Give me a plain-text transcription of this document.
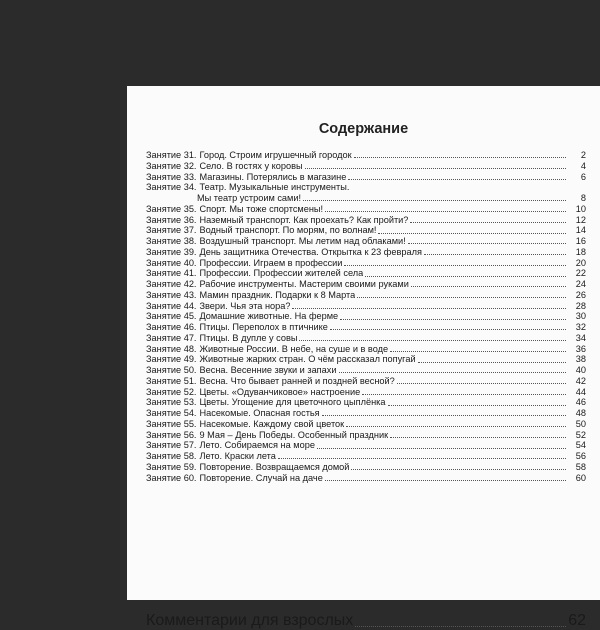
Содержание
Занятие 31. Город. Строим игрушечный городок	2
Занятие 32. Село. В гостях у коровы	4
Занятие 33. Магазины. Потерялись в магазине	6
Занятие 34. Театр. Музыкальные инструменты.
Мы театр устроим сами!	8
Занятие 35. Спорт. Мы тоже спортсмены!	10
Занятие 36. Наземный транспорт. Как проехать? Как пройти?	12
Занятие 37. Водный транспорт. По морям, по волнам!	14
Занятие 38. Воздушный транспорт. Мы летим над облаками!	16
Занятие 39. День защитника Отечества. Открытка к 23 февраля	18
Занятие 40. Профессии. Играем в профессии	20
Занятие 41. Профессии. Профессии жителей села	22
Занятие 42. Рабочие инструменты. Мастерим своими руками	24
Занятие 43. Мамин праздник. Подарки к 8 Марта	26
Занятие 44. Звери. Чья эта нора?	28
Занятие 45. Домашние животные. На ферме	30
Занятие 46. Птицы. Переполох в птичнике	32
Занятие 47. Птицы. В дупле у совы	34
Занятие 48. Животные России. В небе, на суше и в воде	36
Занятие 49. Животные жарких стран. О чём рассказал попугай	38
Занятие 50. Весна. Весенние звуки и запахи	40
Занятие 51. Весна. Что бывает ранней и поздней весной?	42
Занятие 52. Цветы. «Одуванчиковое» настроение	44
Занятие 53. Цветы. Угощение для цветочного цыплёнка	46
Занятие 54. Насекомые. Опасная гостья	48
Занятие 55. Насекомые. Каждому свой цветок	50
Занятие 56. 9 Мая – День Победы. Особенный праздник	52
Занятие 57. Лето. Собираемся на море	54
Занятие 58. Лето. Краски лета	56
Занятие 59. Повторение. Возвращаемся домой	58
Занятие 60. Повторение. Случай на даче	60
Комментарии для взрослых	62
